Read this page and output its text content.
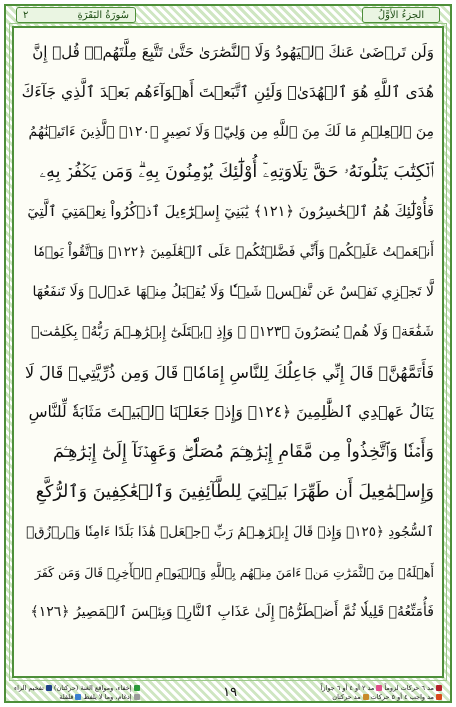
سُورَةُ البَقَرَةِ
٢	الجزءُ الأوَّلُ
وَلَن تَرۡضَىٰ عَنكَ ٱلۡيَهُودُ وَلَا ٱلنَّصَٰرَىٰ حَتَّىٰ تَتَّبِعَ مِلَّتَهُمۡۗ قُلۡ إِنَّ
هُدَى ٱللَّهِ هُوَ ٱلۡهُدَىٰۗ وَلَئِنِ ٱتَّبَعۡتَ أَهۡوَآءَهُم بَعۡدَ ٱلَّذِي جَآءَكَ
مِنَ ٱلۡعِلۡمِ مَا لَكَ مِنَ ٱللَّهِ مِن وَلِيّٖ وَلَا نَصِيرٍ ﴿١٢٠﴾ ٱلَّذِينَ ءَاتَيۡنَٰهُمُ
ٱلۡكِتَٰبَ يَتۡلُونَهُۥ حَقَّ تِلَاوَتِهِۦٓ أُوْلَٰٓئِكَ يُؤۡمِنُونَ بِهِۦۗ وَمَن يَكۡفُرۡ بِهِۦ
فَأُوْلَٰٓئِكَ هُمُ ٱلۡخَٰسِرُونَ ﴿١٢١﴾ يَٰبَنِيٓ إِسۡرَٰٓءِيلَ ٱذۡكُرُواْ نِعۡمَتِيَ ٱلَّتِيٓ
أَنۡعَمۡتُ عَلَيۡكُمۡ وَأَنِّي فَضَّلۡتُكُمۡ عَلَى ٱلۡعَٰلَمِينَ ﴿١٢٢﴾ وَٱتَّقُواْ يَوۡمٗا
لَّا تَجۡزِي نَفۡسٌ عَن نَّفۡسٖ شَيۡـٔٗا وَلَا يُقۡبَلُ مِنۡهَا عَدۡلٞ وَلَا تَنفَعُهَا
شَفَٰعَةٞ وَلَا هُمۡ يُنصَرُونَ ﴿١٢٣﴾ ۞ وَإِذِ ٱبۡتَلَىٰٓ إِبۡرَٰهِـۧمَ رَبُّهُۥ بِكَلِمَٰتٖ
فَأَتَمَّهُنَّۖ قَالَ إِنِّي جَاعِلُكَ لِلنَّاسِ إِمَامٗاۖ قَالَ وَمِن ذُرِّيَّتِيۖ قَالَ لَا
يَنَالُ عَهۡدِي ٱلظَّٰلِمِينَ ﴿١٢٤﴾ وَإِذۡ جَعَلۡنَا ٱلۡبَيۡتَ مَثَابَةٗ لِّلنَّاسِ
وَأَمۡنٗا وَٱتَّخِذُواْ مِن مَّقَامِ إِبۡرَٰهِـۧمَ مُصَلّٗىۖ وَعَهِدۡنَآ إِلَىٰٓ إِبۡرَٰهِـۧمَ
وَإِسۡمَٰعِيلَ أَن طَهِّرَا بَيۡتِيَ لِلطَّآئِفِينَ وَٱلۡعَٰكِفِينَ وَٱلرُّكَّعِ
ٱلسُّجُودِ ﴿١٢٥﴾ وَإِذۡ قَالَ إِبۡرَٰهِـۧمُ رَبِّ ٱجۡعَلۡ هَٰذَا بَلَدًا ءَامِنٗا وَٱرۡزُقۡ
أَهۡلَهُۥ مِنَ ٱلثَّمَرَٰتِ مَنۡ ءَامَنَ مِنۡهُم بِٱللَّهِ وَٱلۡيَوۡمِ ٱلۡأٓخِرِۚ قَالَ وَمَن كَفَرَ
فَأُمَتِّعُهُۥ قَلِيلٗا ثُمَّ أَضۡطَرُّهُۥٓ إِلَىٰ عَذَابِ ٱلنَّارِۖ وَبِئۡسَ ٱلۡمَصِيرُ ﴿١٢٦﴾
مد ٦ حركات لزوماً
مد ٢ أو ٤ أو ٦ جوازاً
مد واجب ٤ أو ٥ حركات
مد حركتان
١٩
إخفاء، ومواقع الغنة (حركتان)
تفخيم الراء
إدغام، وما لا يلفظ
قلقلة
